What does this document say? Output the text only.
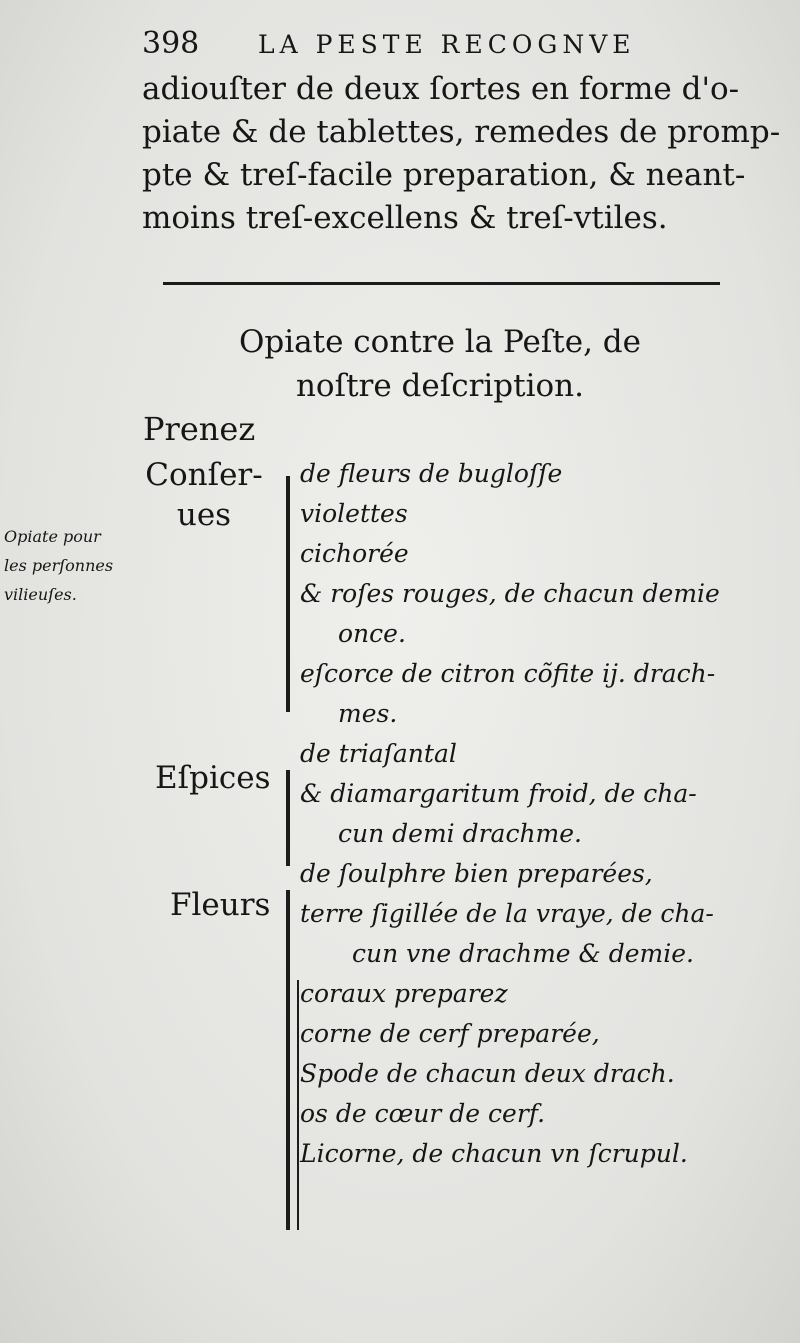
398 LA PESTE RECOGNVE
adiouſter de deux ſortes en forme d'o-
piate & de tablettes, remedes de promp-
pte & treſ-facile preparation, & neant-
moins treſ-excellens & treſ-vtiles.
Opiate contre la Peſte, de
noſtre deſcription.
Prenez
Opiate pour
les perſonnes
vilieuſes.
Conſer-
ues
Eſpices
Fleurs
de fleurs de bugloſſe
violettes
cichorée
& roſes rouges, de chacun demie
once.
eſcorce de citron cõfite ij. drach-
mes.
de triaſantal
& diamargaritum froid, de cha-
cun demi drachme.
de ſoulphre bien preparées,
terre ſigillée de la vraye, de cha-
cun vne drachme & demie.
coraux preparez
corne de cerf preparée,
Spode de chacun deux drach.
os de cœur de cerf.
Licorne, de chacun vn ſcrupul.
